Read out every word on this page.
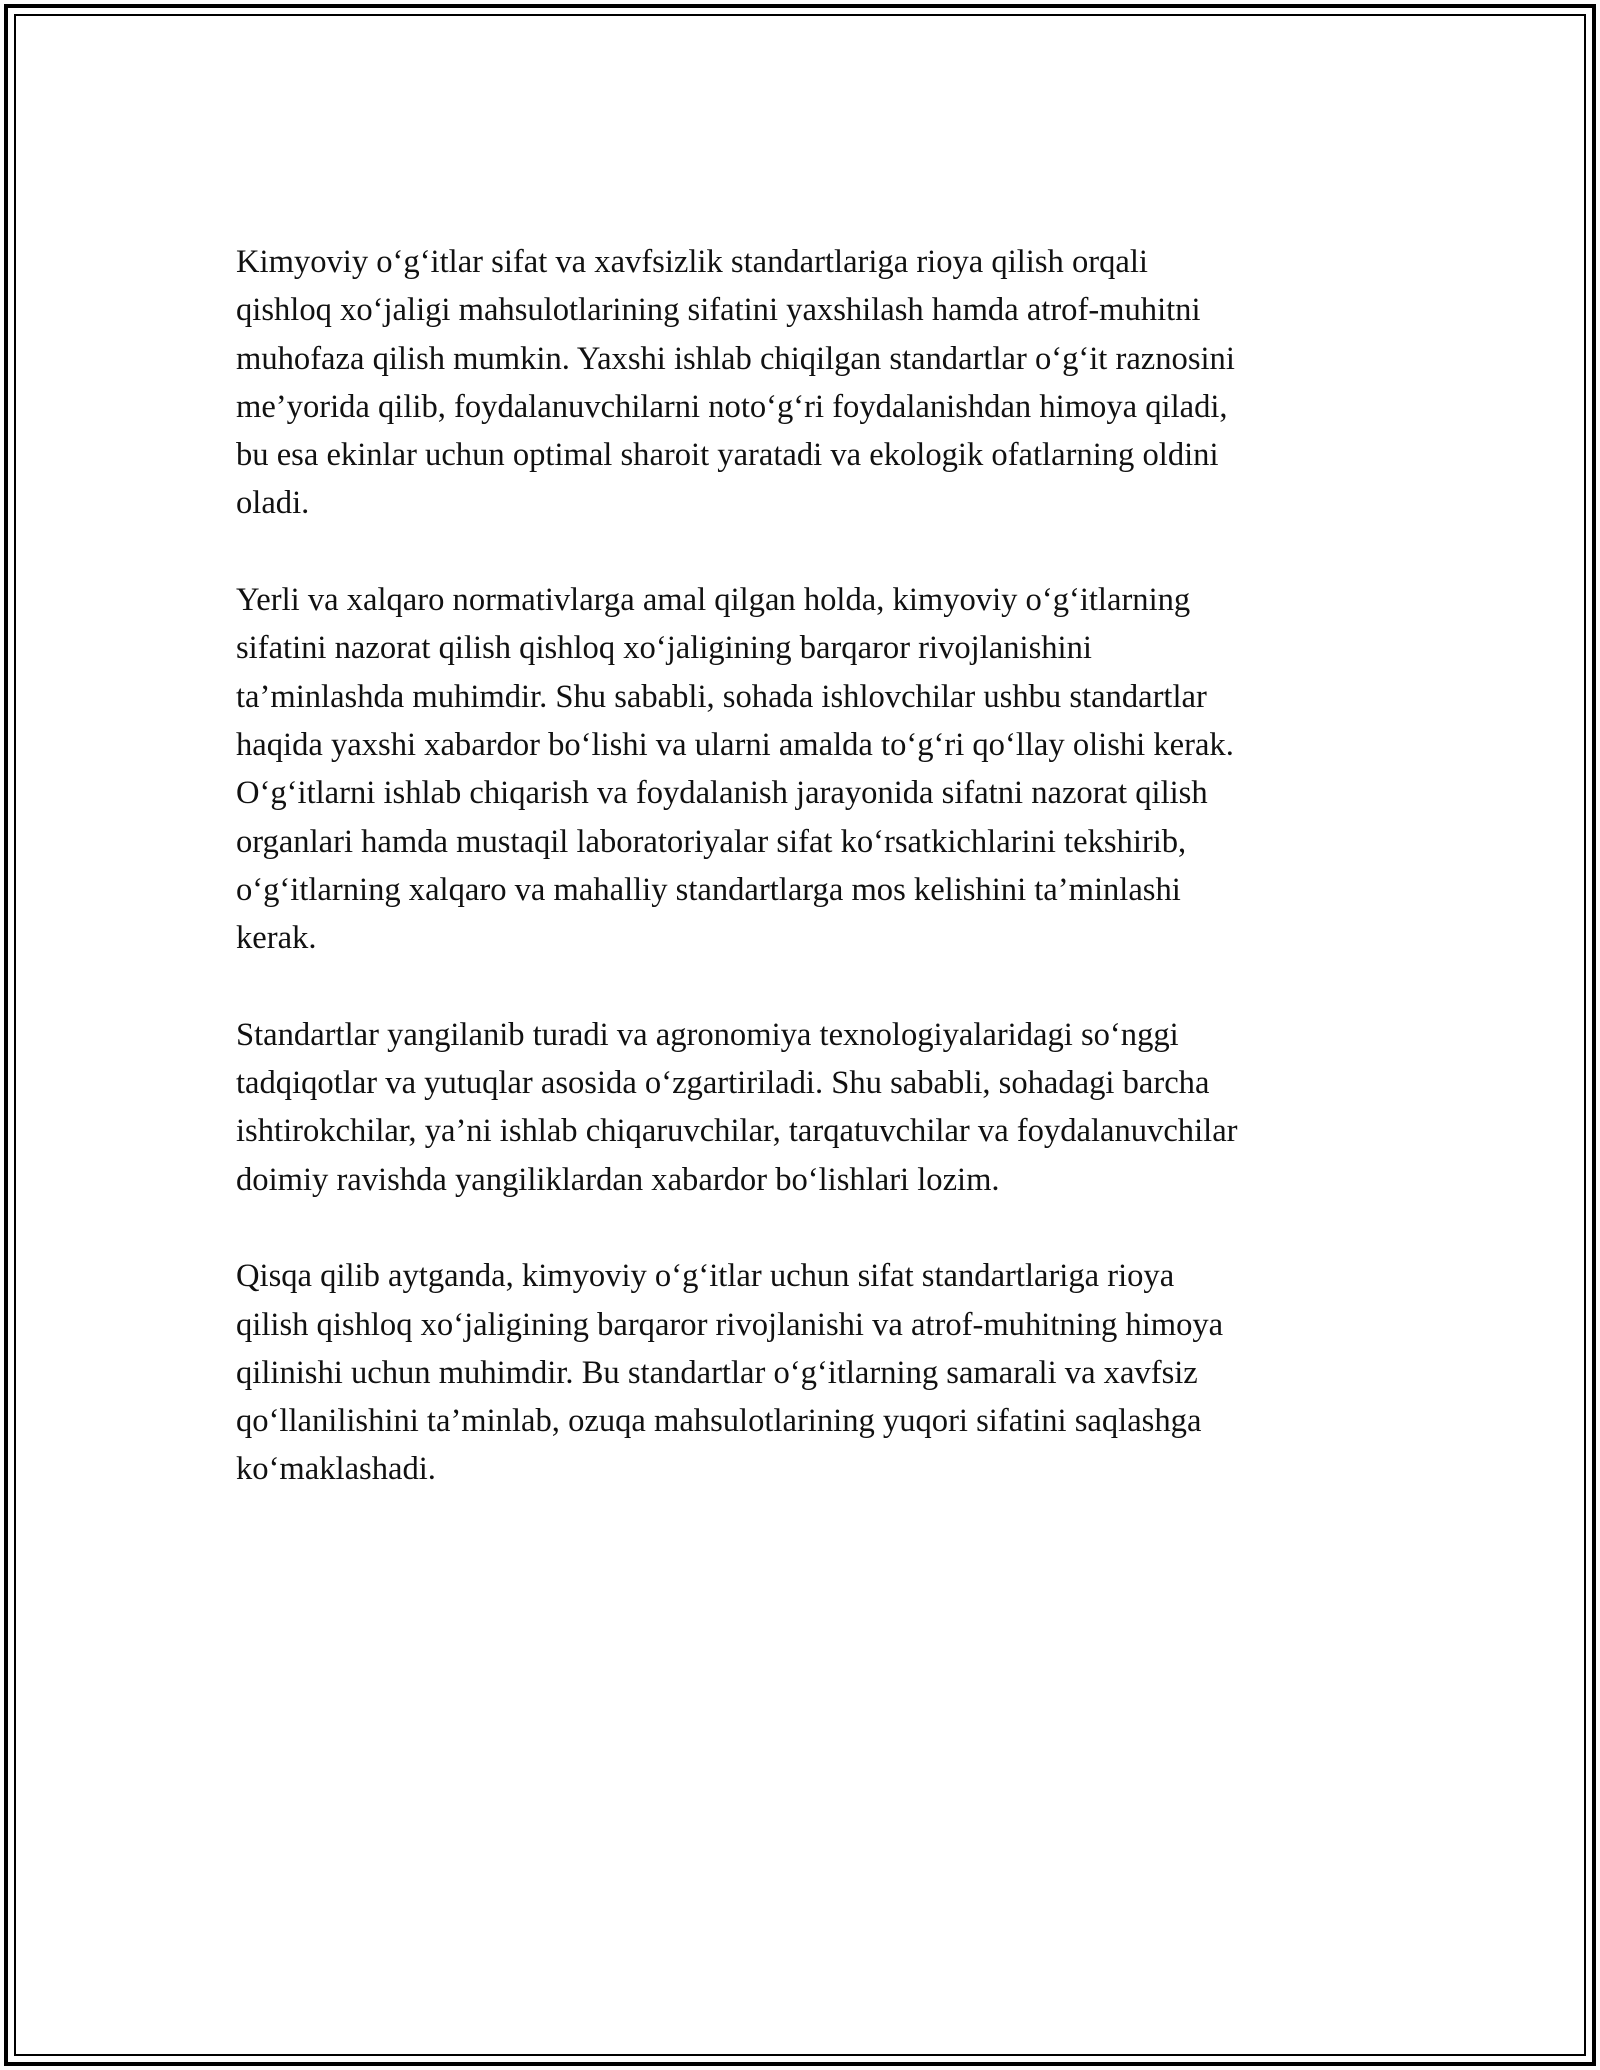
Kimyoviy o‘g‘itlar sifat va xavfsizlik standartlariga rioya qilish orqali
qishloq xo‘jaligi mahsulotlarining sifatini yaxshilash hamda atrof-muhitni
muhofaza qilish mumkin. Yaxshi ishlab chiqilgan standartlar o‘g‘it raznosini
me’yorida qilib, foydalanuvchilarni noto‘g‘ri foydalanishdan himoya qiladi,
bu esa ekinlar uchun optimal sharoit yaratadi va ekologik ofatlarning oldini
oladi.

Yerli va xalqaro normativlarga amal qilgan holda, kimyoviy o‘g‘itlarning
sifatini nazorat qilish qishloq xo‘jaligining barqaror rivojlanishini
ta’minlashda muhimdir. Shu sababli, sohada ishlovchilar ushbu standartlar
haqida yaxshi xabardor bo‘lishi va ularni amalda to‘g‘ri qo‘llay olishi kerak.
O‘g‘itlarni ishlab chiqarish va foydalanish jarayonida sifatni nazorat qilish
organlari hamda mustaqil laboratoriyalar sifat ko‘rsatkichlarini tekshirib,
o‘g‘itlarning xalqaro va mahalliy standartlarga mos kelishini ta’minlashi
kerak.

Standartlar yangilanib turadi va agronomiya texnologiyalaridagi so‘nggi
tadqiqotlar va yutuqlar asosida o‘zgartiriladi. Shu sababli, sohadagi barcha
ishtirokchilar, ya’ni ishlab chiqaruvchilar, tarqatuvchilar va foydalanuvchilar
doimiy ravishda yangiliklardan xabardor bo‘lishlari lozim.

Qisqa qilib aytganda, kimyoviy o‘g‘itlar uchun sifat standartlariga rioya
qilish qishloq xo‘jaligining barqaror rivojlanishi va atrof-muhitning himoya
qilinishi uchun muhimdir. Bu standartlar o‘g‘itlarning samarali va xavfsiz
qo‘llanilishini ta’minlab, ozuqa mahsulotlarining yuqori sifatini saqlashga
ko‘maklashadi.
